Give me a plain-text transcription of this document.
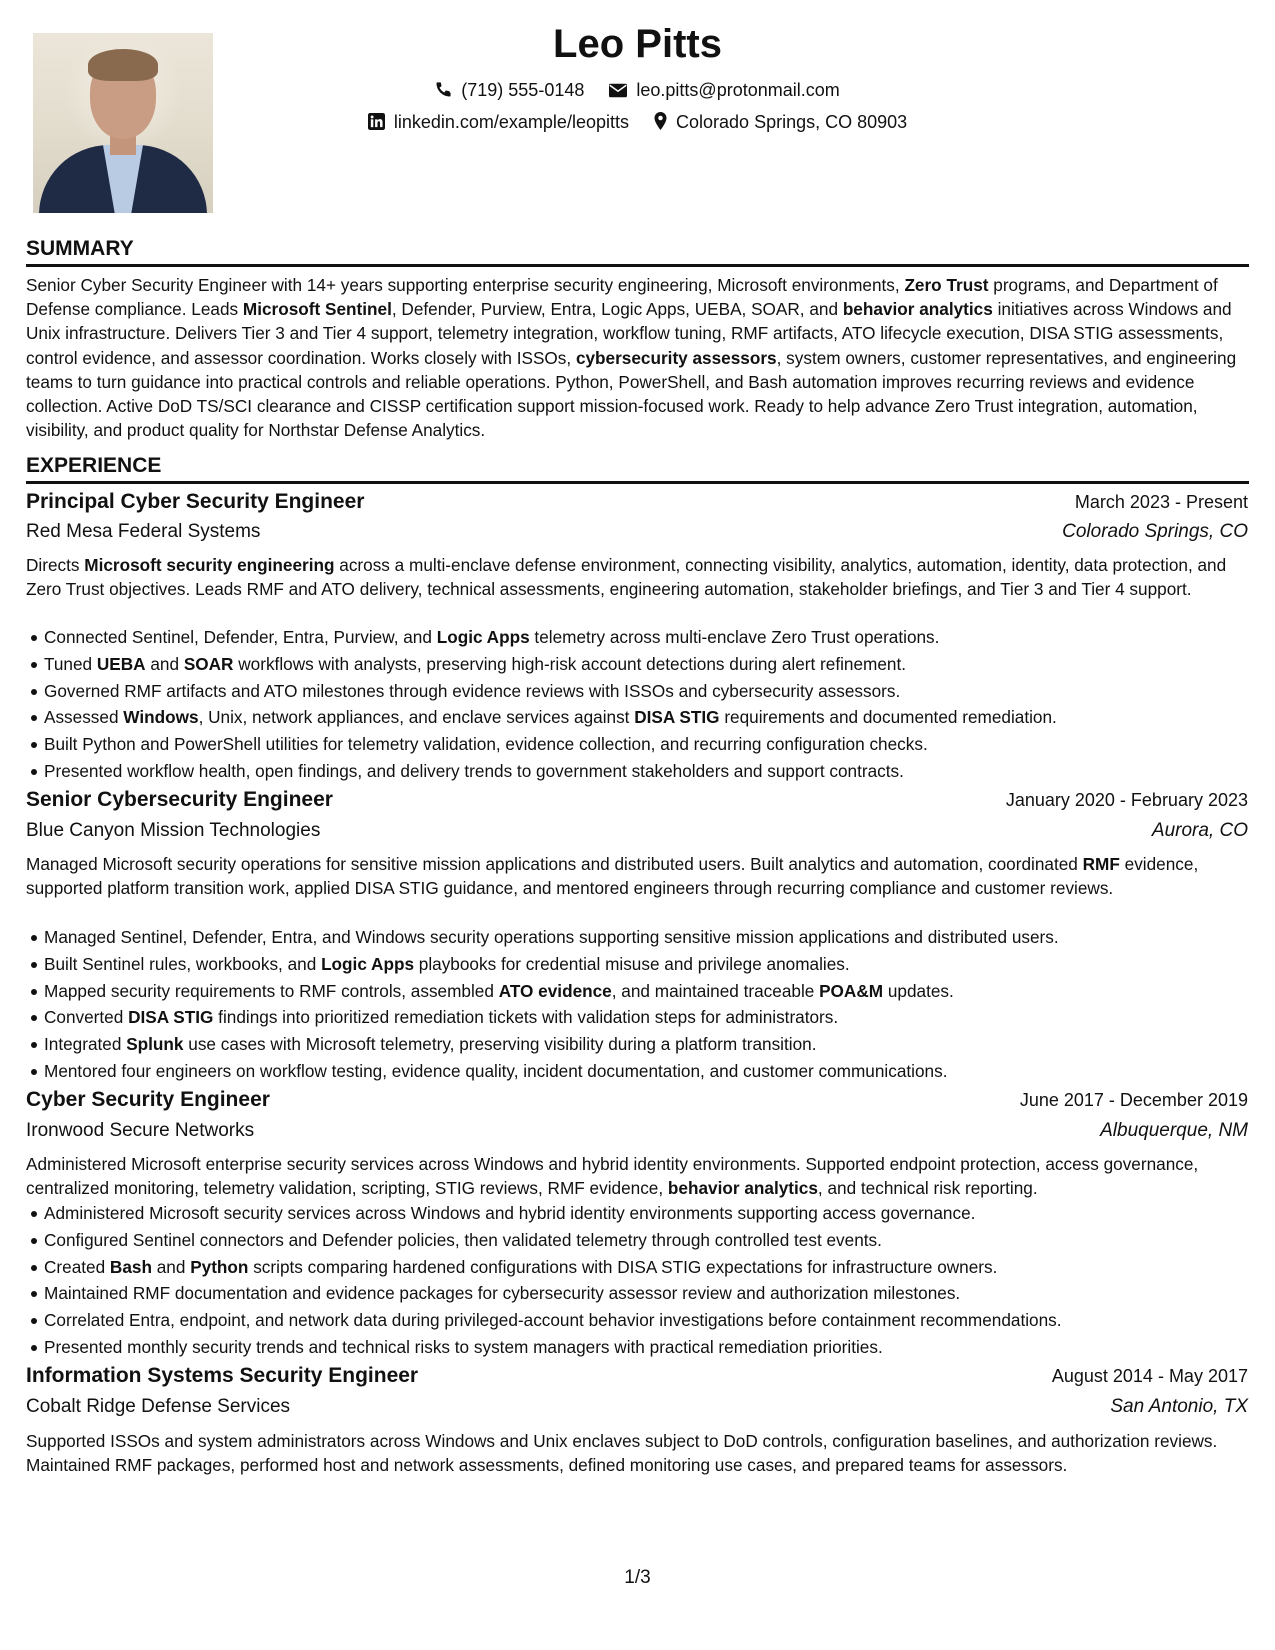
Leo Pitts
(719) 555-0148	leo.pitts@protonmail.com
linkedin.com/example/leopitts	Colorado Springs, CO 80903
SUMMARY
Senior Cyber Security Engineer with 14+ years supporting enterprise security engineering, Microsoft environments, Zero Trust programs, and Department of Defense compliance. Leads Microsoft Sentinel, Defender, Purview, Entra, Logic Apps, UEBA, SOAR, and behavior analytics initiatives across Windows and Unix infrastructure. Delivers Tier 3 and Tier 4 support, telemetry integration, workflow tuning, RMF artifacts, ATO lifecycle execution, DISA STIG assessments, control evidence, and assessor coordination. Works closely with ISSOs, cybersecurity assessors, system owners, customer representatives, and engineering teams to turn guidance into practical controls and reliable operations. Python, PowerShell, and Bash automation improves recurring reviews and evidence collection. Active DoD TS/SCI clearance and CISSP certification support mission-focused work. Ready to help advance Zero Trust integration, automation, visibility, and product quality for Northstar Defense Analytics.
EXPERIENCE
Principal Cyber Security Engineer	March 2023 - Present
Red Mesa Federal Systems	Colorado Springs, CO
Directs Microsoft security engineering across a multi-enclave defense environment, connecting visibility, analytics, automation, identity, data protection, and Zero Trust objectives. Leads RMF and ATO delivery, technical assessments, engineering automation, stakeholder briefings, and Tier 3 and Tier 4 support.
Connected Sentinel, Defender, Entra, Purview, and Logic Apps telemetry across multi-enclave Zero Trust operations.
Tuned UEBA and SOAR workflows with analysts, preserving high-risk account detections during alert refinement.
Governed RMF artifacts and ATO milestones through evidence reviews with ISSOs and cybersecurity assessors.
Assessed Windows, Unix, network appliances, and enclave services against DISA STIG requirements and documented remediation.
Built Python and PowerShell utilities for telemetry validation, evidence collection, and recurring configuration checks.
Presented workflow health, open findings, and delivery trends to government stakeholders and support contracts.
Senior Cybersecurity Engineer	January 2020 - February 2023
Blue Canyon Mission Technologies	Aurora, CO
Managed Microsoft security operations for sensitive mission applications and distributed users. Built analytics and automation, coordinated RMF evidence, supported platform transition work, applied DISA STIG guidance, and mentored engineers through recurring compliance and customer reviews.
Managed Sentinel, Defender, Entra, and Windows security operations supporting sensitive mission applications and distributed users.
Built Sentinel rules, workbooks, and Logic Apps playbooks for credential misuse and privilege anomalies.
Mapped security requirements to RMF controls, assembled ATO evidence, and maintained traceable POA&M updates.
Converted DISA STIG findings into prioritized remediation tickets with validation steps for administrators.
Integrated Splunk use cases with Microsoft telemetry, preserving visibility during a platform transition.
Mentored four engineers on workflow testing, evidence quality, incident documentation, and customer communications.
Cyber Security Engineer	June 2017 - December 2019
Ironwood Secure Networks	Albuquerque, NM
Administered Microsoft enterprise security services across Windows and hybrid identity environments. Supported endpoint protection, access governance, centralized monitoring, telemetry validation, scripting, STIG reviews, RMF evidence, behavior analytics, and technical risk reporting.
Administered Microsoft security services across Windows and hybrid identity environments supporting access governance.
Configured Sentinel connectors and Defender policies, then validated telemetry through controlled test events.
Created Bash and Python scripts comparing hardened configurations with DISA STIG expectations for infrastructure owners.
Maintained RMF documentation and evidence packages for cybersecurity assessor review and authorization milestones.
Correlated Entra, endpoint, and network data during privileged-account behavior investigations before containment recommendations.
Presented monthly security trends and technical risks to system managers with practical remediation priorities.
Information Systems Security Engineer	August 2014 - May 2017
Cobalt Ridge Defense Services	San Antonio, TX
Supported ISSOs and system administrators across Windows and Unix enclaves subject to DoD controls, configuration baselines, and authorization reviews. Maintained RMF packages, performed host and network assessments, defined monitoring use cases, and prepared teams for assessors.
1/3
